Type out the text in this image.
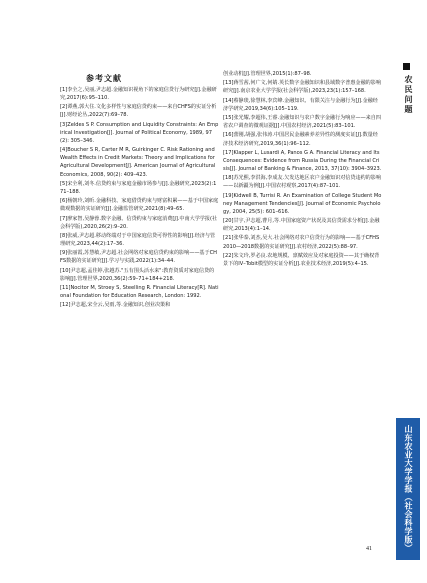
农民问题
参考文献

[1]李全之,吴丽,尹志超.金融知识视角下的家庭信贷行为研究[J].金融研究,2017(6):95–110.

[2]谭燕,郭大住.文化多样性与家庭信贷约束——来自CHFS的实证分析[J].财经论丛,2022(7):69–78.

[3]Zeldes S P. Consumption and Liquidity Constraints: An Empirical Investigation[J]. Journal of Political Economy, 1989, 97(2): 305–346.

[4]Boucher S R, Carter M R, Guirkinger C. Risk Rationing and Wealth Effects in Credit Markets: Theory and Implications for Agricultural Development[J]. American Journal of Agricultural Economics, 2008, 90(2): 409–423.

[5]宋全利,刘冬.信贷约束与家庭金融市场参与[J].金融研究,2023(2):171–188.

[6]杨朝玲,刘昕.金融科技、家庭借贷约束与财富积累——基于中国家庭微观数据的实证研究[J].金融监管研究,2021(8):49–65.

[7]廖家智,吴静蓉.数字金融、信贷约束与家庭消费[J].中南大学学报(社会科学版),2020,26(2):9–20.

[8]张威,尹志超.移动终端对于中国家庭信贷可得性的影响[J].经济与管理研究,2023,44(2):17–36.

[9]张丽霞,苏慧敏,尹志超.社会网络对家庭信贷约束的影响——基于CHFS数据的实证研究[J].学习与实践,2022(1):34–44.

[10]尹志超,孟佳婷,张越苏."五有围头活水来":教育资质对家庭信贷的影响[J].管理世界,2020,36(2):59–71+184+218.

[11]Nocitor M, Stroey S, Steelling R. Financial Literacy[R]. National Foundation for Education Research, London: 1992.

[12]尹志超,宋全云,吴雨,等.金融知识,创业决策和

创业动机[J].管理世界,2015(1):87–98.

[13]蒋雪茜,何广文,何婧.英长数字金融知识和县域数字普惠金融的影响研究[J].南京农业大学学报(社会科学版),2023,23(1):157–168.

[14]蔡静琰,徐慧林,李宾峰.金融知识、有限关注与金融行为[J].金融经济学研究,2019,34(6):105–119.

[15]张光耀,李超伟,王睿.金融知识与农户数字金融行为响应——来自四省农户调查的微观证据[J].中国农村经济,2021(5):83–101.

[16]蕾刚,胡强,张伟涛.中国居民金融素养差异性的测度实证[J].数量经济技术经济研究,2019,36(1):96–112.

[17]Klapper L, Lusardi A, Panos G A. Financial Literacy and Its Consequences: Evidence from Russia During the Financial Crisis[J]. Journal of Banking & Finance, 2013, 37(10): 3904–3923.

[18]苏光熙,李洪海,李成友.欠发达地区农户金融知识对信贷违约的影响——以新疆为例[J].中国农村观察,2017(4):87–101.

[19]Kidwell B, Turrisi R. An Examination of College Student Money Management Tendencies[J]. Journal of Economic Psychology, 2004, 25(5): 601–616.

[20]甘宇,尹志超,曹月,等.中国家庭资产状况及其信贷需求分析[J].金融研究,2013(4):1–14.

[21]张华泰,刘杰,吴大.社会网络对农户信贷行为的影响——基于CFHS2010—2018数据的实证研究[J].农村经济,2022(5):88–97.

[22]朱文玲,罗必良.农地规模、禀赋效应及对家庭投资——其于确权背景下的IV–Tobit模型的实证分析[J].农业技术经济,2019(5):4–15.

山东农业大学学报（社会科学版）
41
